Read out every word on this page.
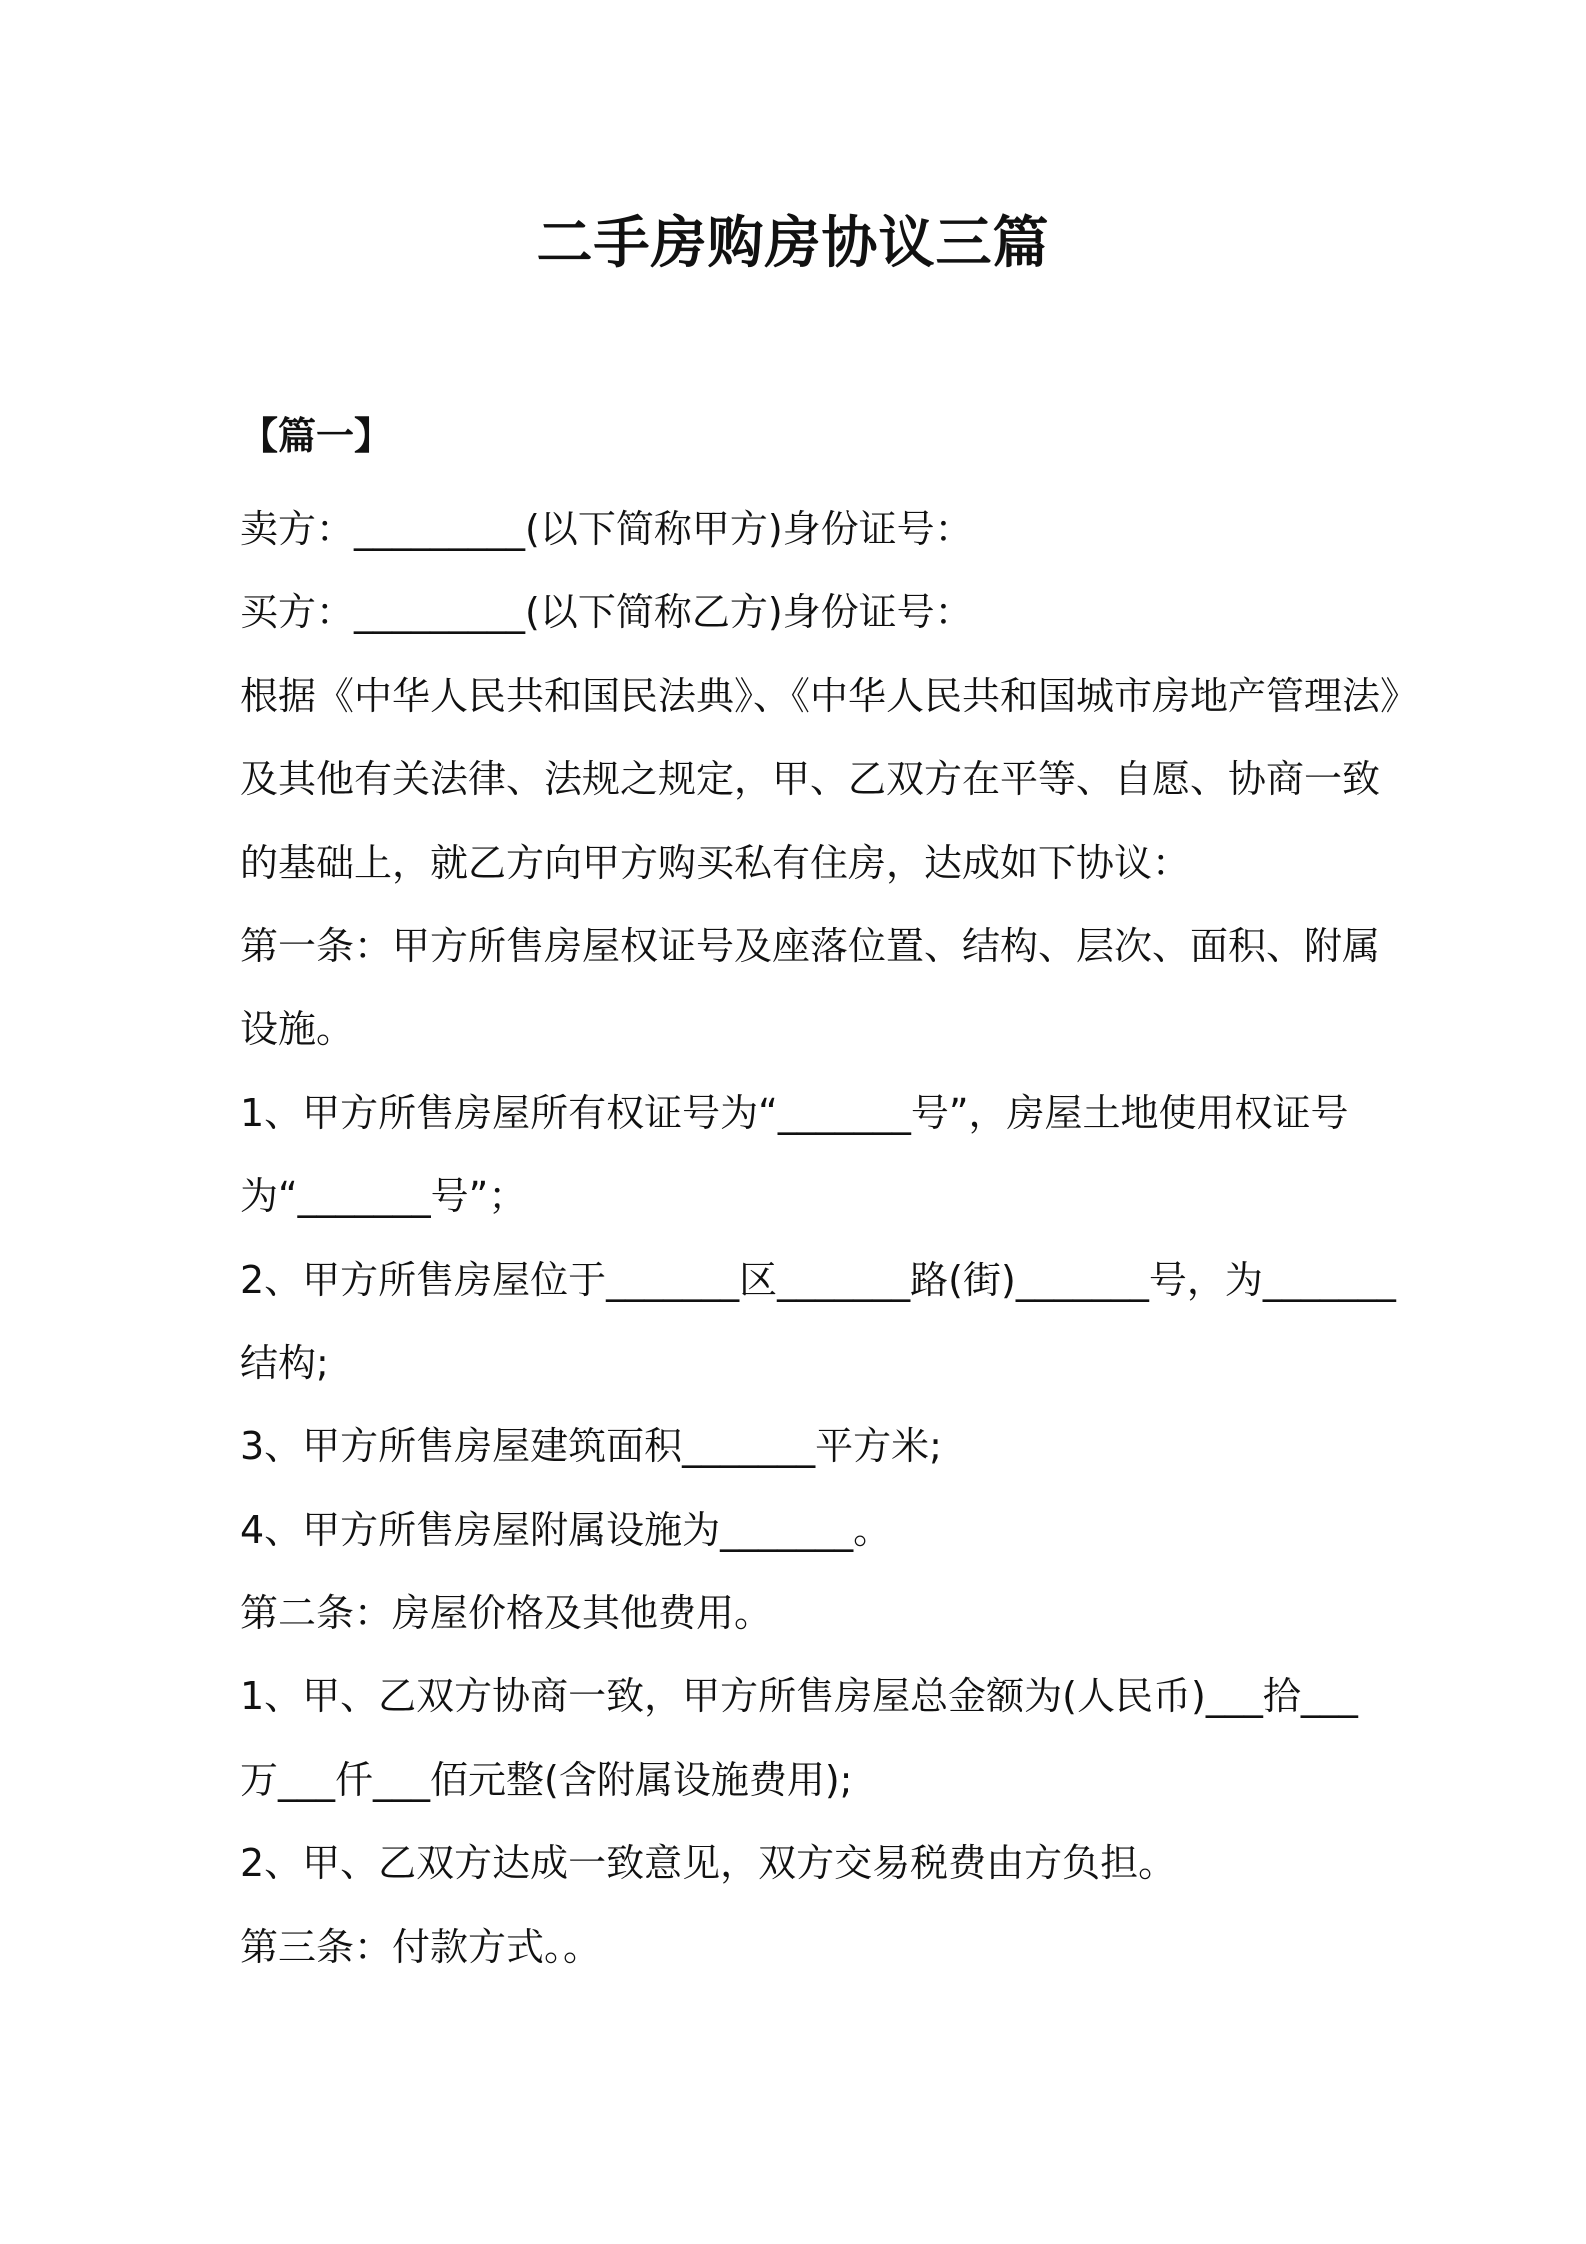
二手房购房协议三篇
【篇一】
卖方：_________(以下简称甲方)身份证号：
买方：_________(以下简称乙方)身份证号：
根据《中华人民共和国民法典》、《中华人民共和国城市房地产管理法》
及其他有关法律、法规之规定，甲、乙双方在平等、自愿、协商一致
的基础上，就乙方向甲方购买私有住房，达成如下协议：
第一条：甲方所售房屋权证号及座落位置、结构、层次、面积、附属
设施。
1、甲方所售房屋所有权证号为“_______号”，房屋土地使用权证号
为“_______号”；
2、甲方所售房屋位于_______区_______路(街)_______号，为_______
结构;
3、甲方所售房屋建筑面积_______平方米;
4、甲方所售房屋附属设施为_______。
第二条：房屋价格及其他费用。
1、甲、乙双方协商一致，甲方所售房屋总金额为(人民币)___拾___
万___仟___佰元整(含附属设施费用);
2、甲、乙双方达成一致意见，双方交易税费由方负担。
第三条：付款方式。。
